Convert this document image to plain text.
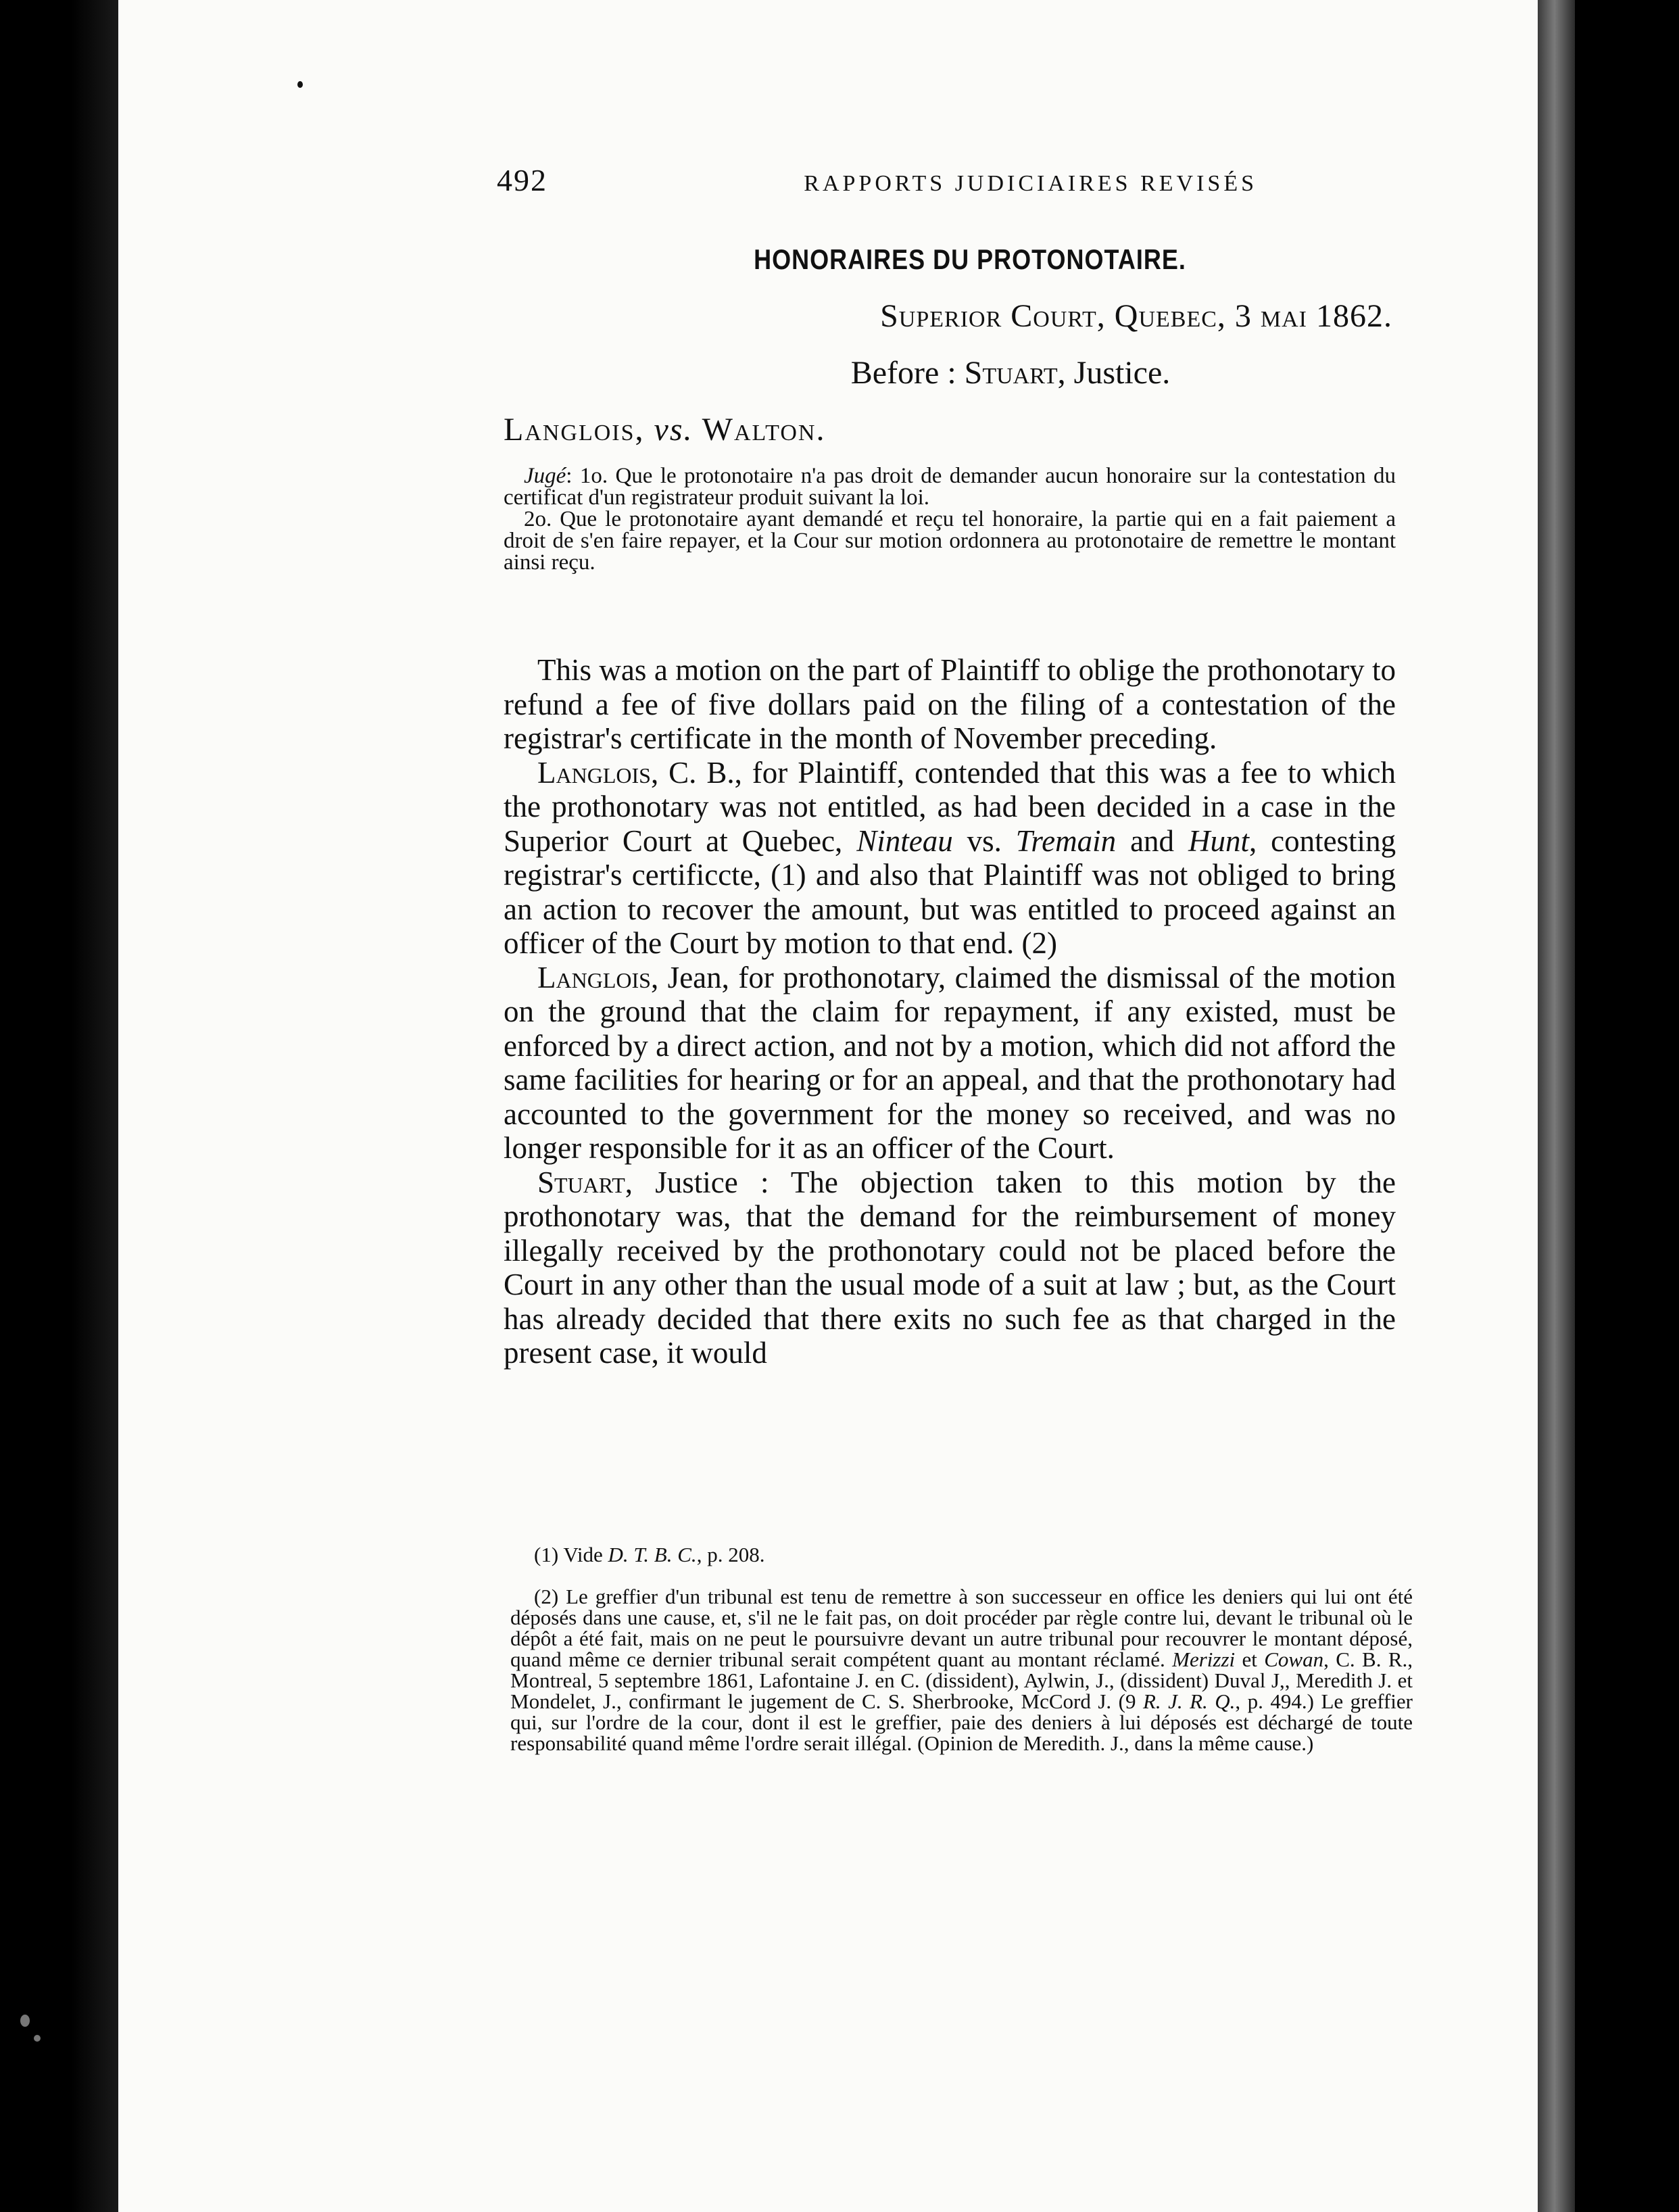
492	RAPPORTS JUDICIAIRES REVISÉS
HONORAIRES DU PROTONOTAIRE.
Superior Court, Quebec, 3 mai 1862.
Before : Stuart, Justice.
Langlois, vs. Walton.

Jugé: 1o. Que le protonotaire n'a pas droit de demander aucun honoraire sur la contestation du certificat d'un registrateur produit suivant la loi.

2o. Que le protonotaire ayant demandé et reçu tel honoraire, la partie qui en a fait paiement a droit de s'en faire repayer, et la Cour sur motion ordonnera au protonotaire de remettre le montant ainsi reçu.

This was a motion on the part of Plaintiff to oblige the prothonotary to refund a fee of five dollars paid on the filing of a contestation of the registrar's certificate in the month of November preceding.

Langlois, C. B., for Plaintiff, contended that this was a fee to which the prothonotary was not entitled, as had been decided in a case in the Superior Court at Quebec, Ninteau vs. Tremain and Hunt, contesting registrar's certificcte, (1) and also that Plaintiff was not obliged to bring an action to recover the amount, but was entitled to proceed against an officer of the Court by motion to that end. (2)

Langlois, Jean, for prothonotary, claimed the dismissal of the motion on the ground that the claim for repayment, if any existed, must be enforced by a direct action, and not by a motion, which did not afford the same facilities for hearing or for an appeal, and that the prothonotary had accounted to the government for the money so received, and was no longer responsible for it as an officer of the Court.

Stuart, Justice : The objection taken to this motion by the prothonotary was, that the demand for the reimbursement of money illegally received by the prothonotary could not be placed before the Court in any other than the usual mode of a suit at law ; but, as the Court has already decided that there exits no such fee as that charged in the present case, it would

(1) Vide D. T. B. C., p. 208.
(2) Le greffier d'un tribunal est tenu de remettre à son successeur en office les deniers qui lui ont été déposés dans une cause, et, s'il ne le fait pas, on doit procéder par règle contre lui, devant le tribunal où le dépôt a été fait, mais on ne peut le poursuivre devant un autre tribunal pour recouvrer le montant déposé, quand même ce dernier tribunal serait compétent quant au montant réclamé. Merizzi et Cowan, C. B. R., Montreal, 5 septembre 1861, Lafontaine J. en C. (dissident), Aylwin, J., (dissident) Duval J,, Meredith J. et Mondelet, J., confirmant le jugement de C. S. Sherbrooke, McCord J. (9 R. J. R. Q., p. 494.) Le greffier qui, sur l'ordre de la cour, dont il est le greffier, paie des deniers à lui déposés est déchargé de toute responsabilité quand même l'ordre serait illégal. (Opinion de Meredith. J., dans la même cause.)
